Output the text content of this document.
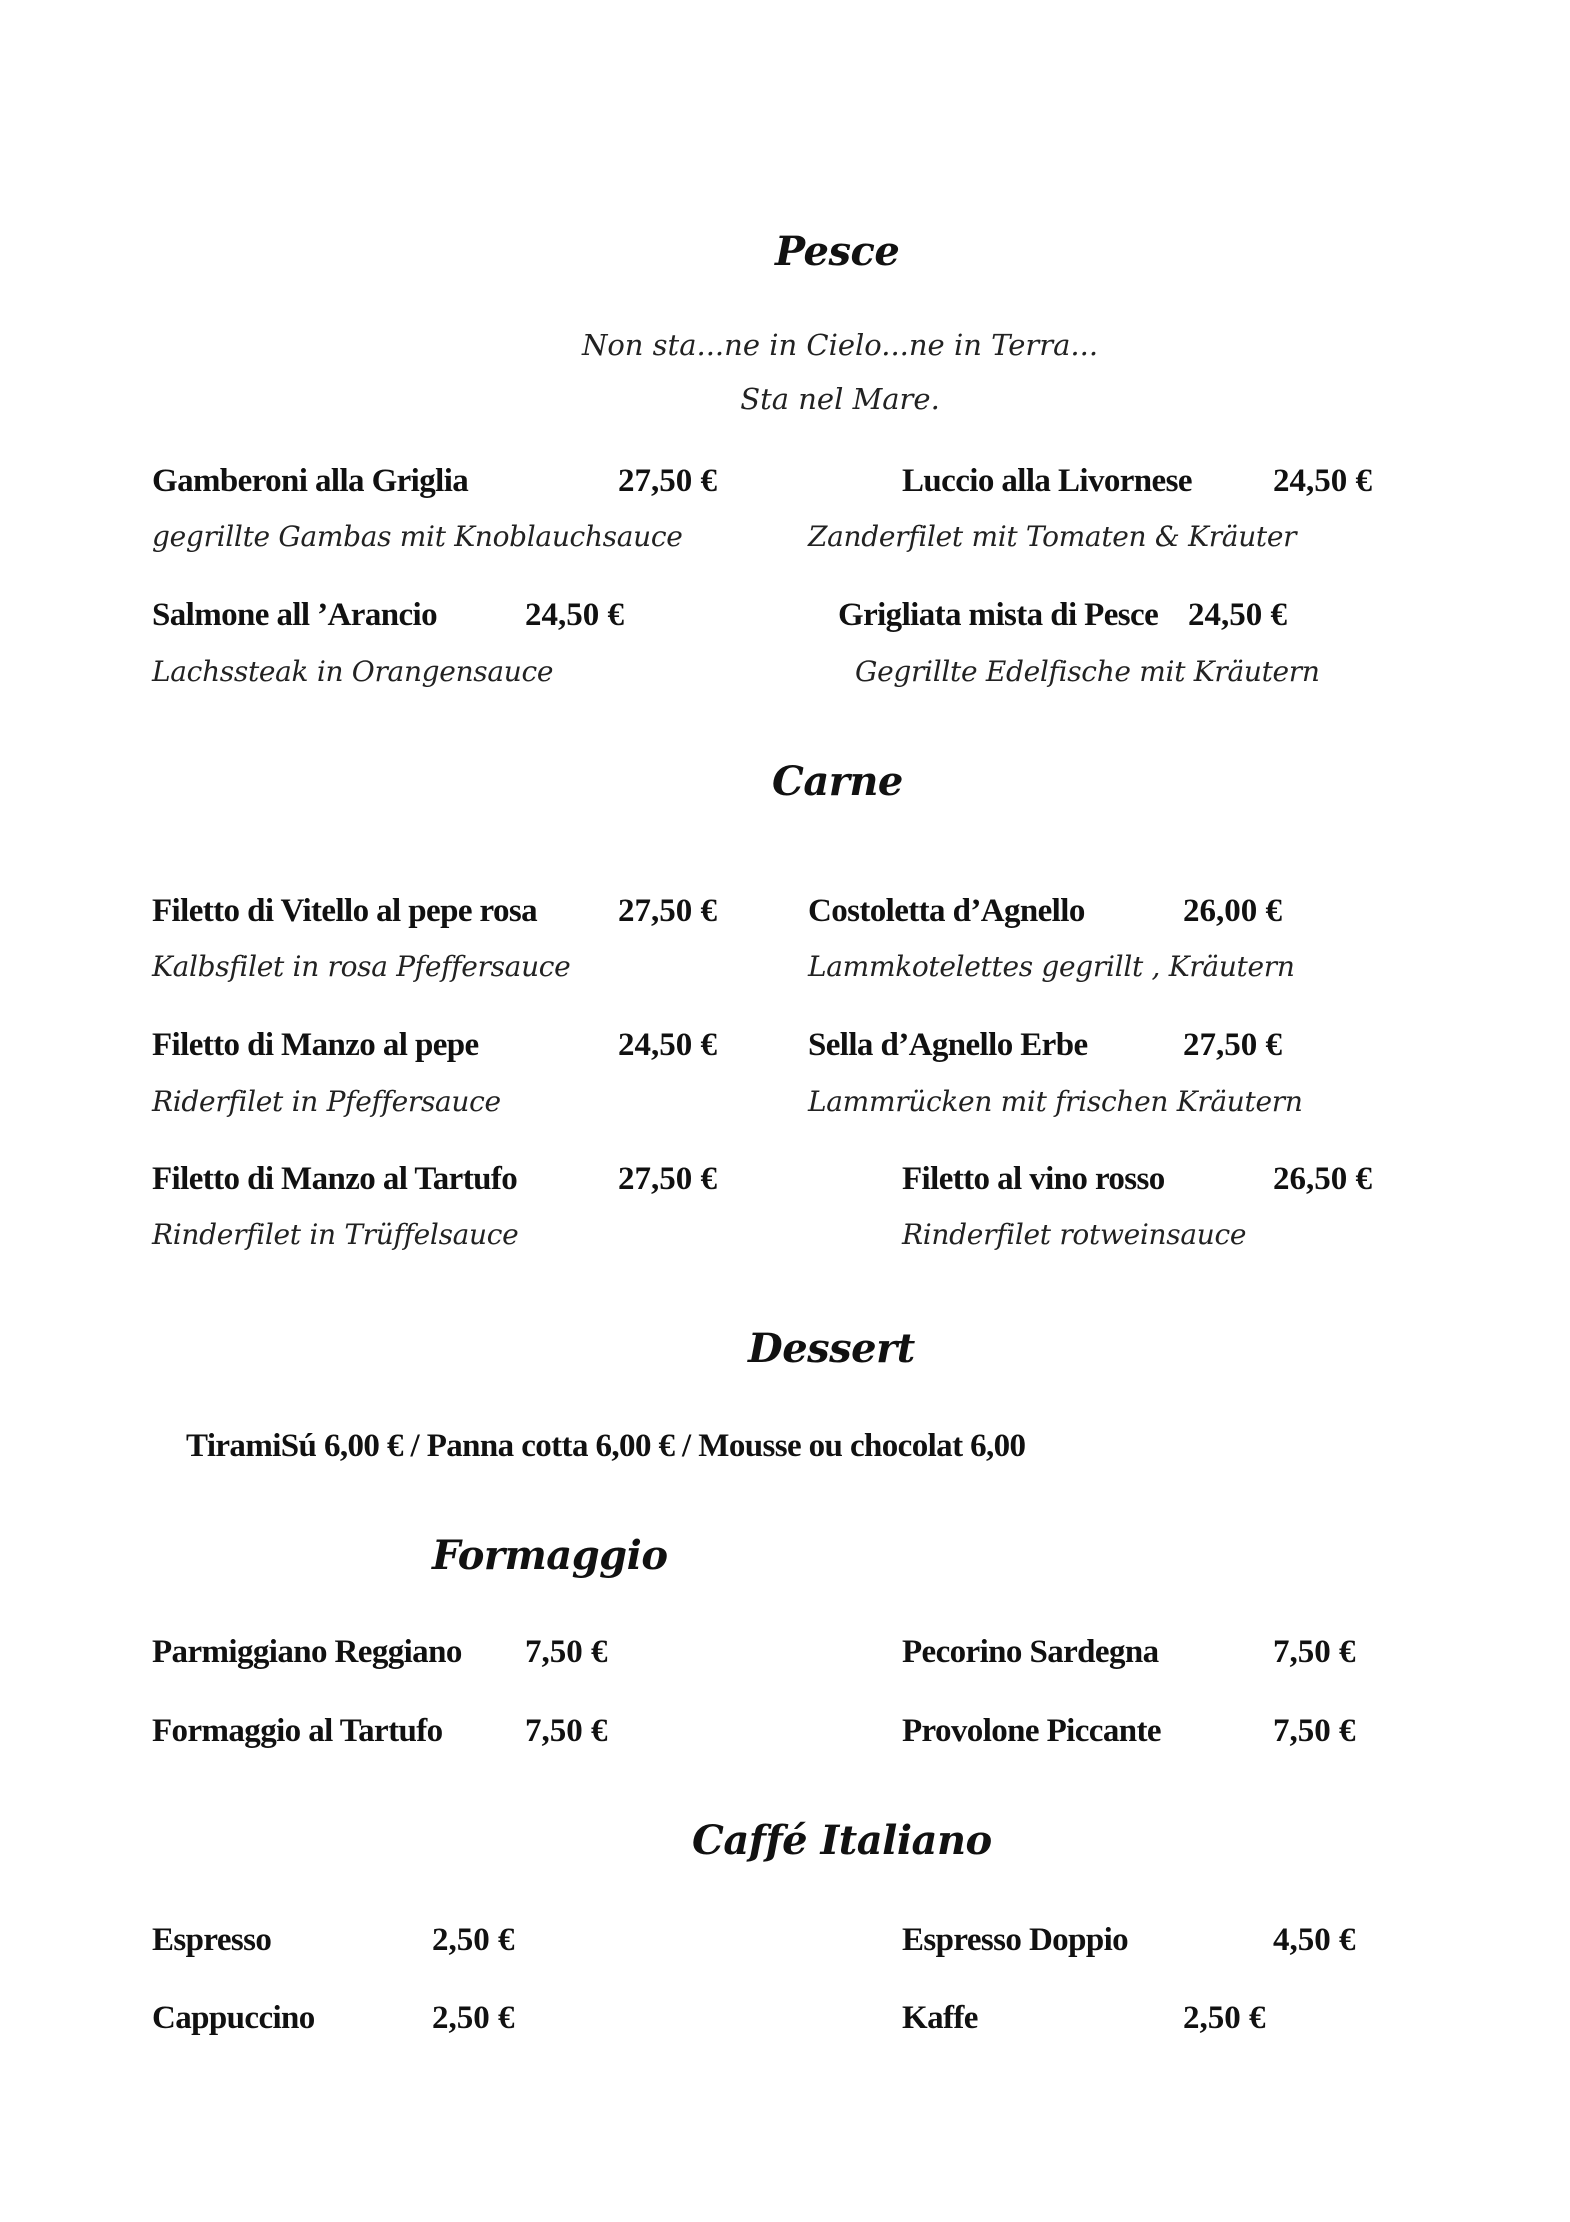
Pesce
Non sta...ne in Cielo...ne in Terra...
Sta nel Mare.
Gamberoni alla Griglia	27,50 €
gegrillte Gambas mit Knoblauchsauce
Luccio alla Livornese 24,50 €
Zanderfilet mit Tomaten & Kräuter
Salmone all ’Arancio	24,50 €
Lachssteak in Orangensauce
Grigliata mista di Pesce 24,50 €
Gegrillte Edelfische mit Kräutern
Carne
Filetto di Vitello al pepe rosa 27,50 €
Kalbsfilet in rosa Pfeffersauce
Costoletta d’Agnello	26,00 €
Lammkotelettes gegrillt , Kräutern
Filetto di Manzo al pepe	24,50 €
Riderfilet in Pfeffersauce
Sella d’Agnello Erbe	27,50 €
Lammrücken mit frischen Kräutern
Filetto di Manzo al Tartufo	27,50 €
Rinderfilet in Trüffelsauce
Filetto al vino rosso	26,50 €
Rinderfilet rotweinsauce
Dessert
TiramiSú 6,00 € / Panna cotta 6,00 € / Mousse ou chocolat 6,00
Formaggio
Parmiggiano Reggiano 7,50 €	Pecorino Sardegna	7,50 €
Formaggio al Tartufo	7,50 €	Provolone Piccante	7,50 €
Caffé Italiano
Espresso	2,50 €	Espresso Doppio	4,50 €
Cappuccino	2,50 €	Kaffe	2,50 €
